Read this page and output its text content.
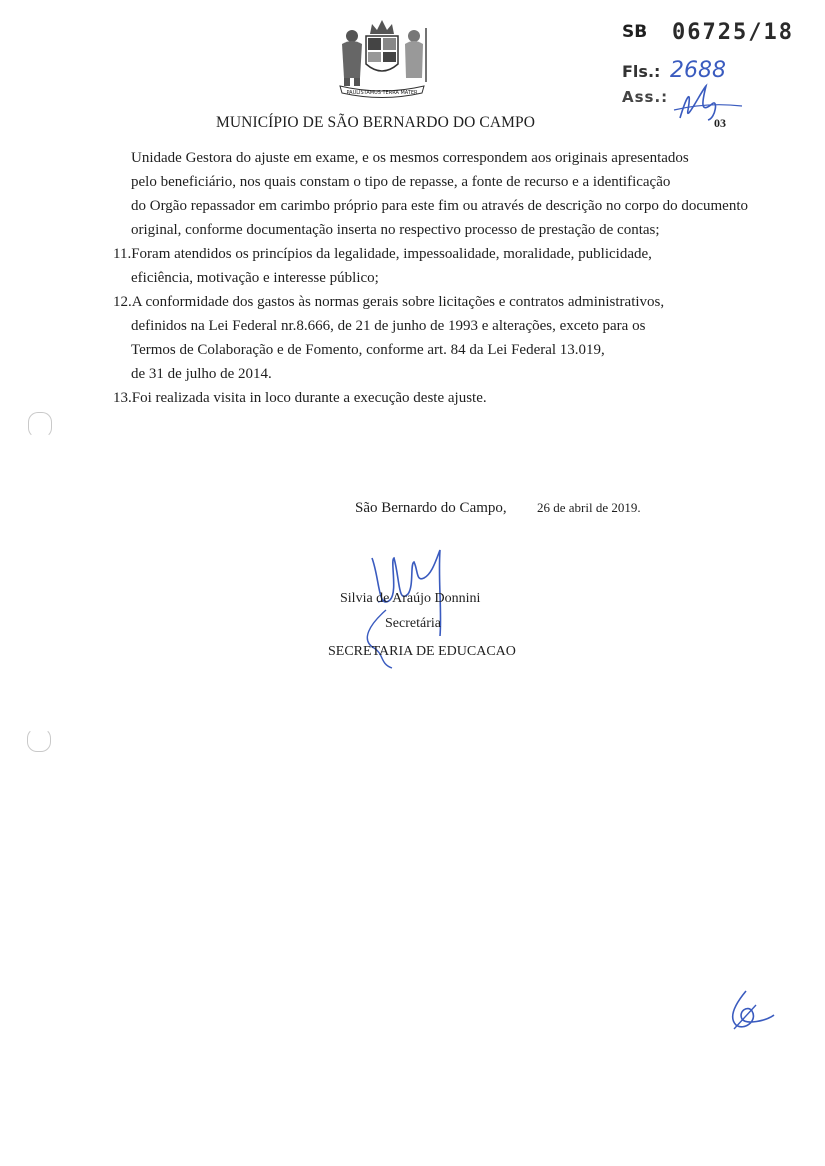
PAULISTAMUS TERRA MATER
SB 06725/18
Fls.: 2688
Ass.:
03
MUNICÍPIO DE SÃO BERNARDO DO CAMPO
Unidade Gestora do ajuste em exame, e os mesmos correspondem aos originais apresentados
pelo beneficiário, nos quais constam o tipo de repasse, a fonte de recurso e a identificação
do Orgão repassador em carimbo próprio para este fim ou através de descrição no corpo do documento
original, conforme documentação inserta no respectivo processo de prestação de contas;
11.Foram atendidos os princípios da legalidade, impessoalidade, moralidade, publicidade,
eficiência, motivação e interesse público;
12.A conformidade dos gastos às normas gerais sobre licitações e contratos administrativos,
definidos na Lei Federal nr.8.666, de 21 de junho de 1993 e alterações, exceto para os
Termos de Colaboração e de Fomento, conforme art. 84 da Lei Federal 13.019,
de 31 de julho de 2014.
13.Foi realizada visita in loco durante a execução deste ajuste.
São Bernardo do Campo, 26 de abril de 2019.
Silvia de Araújo Donnini
Secretária
SECRETARIA DE EDUCACAO
